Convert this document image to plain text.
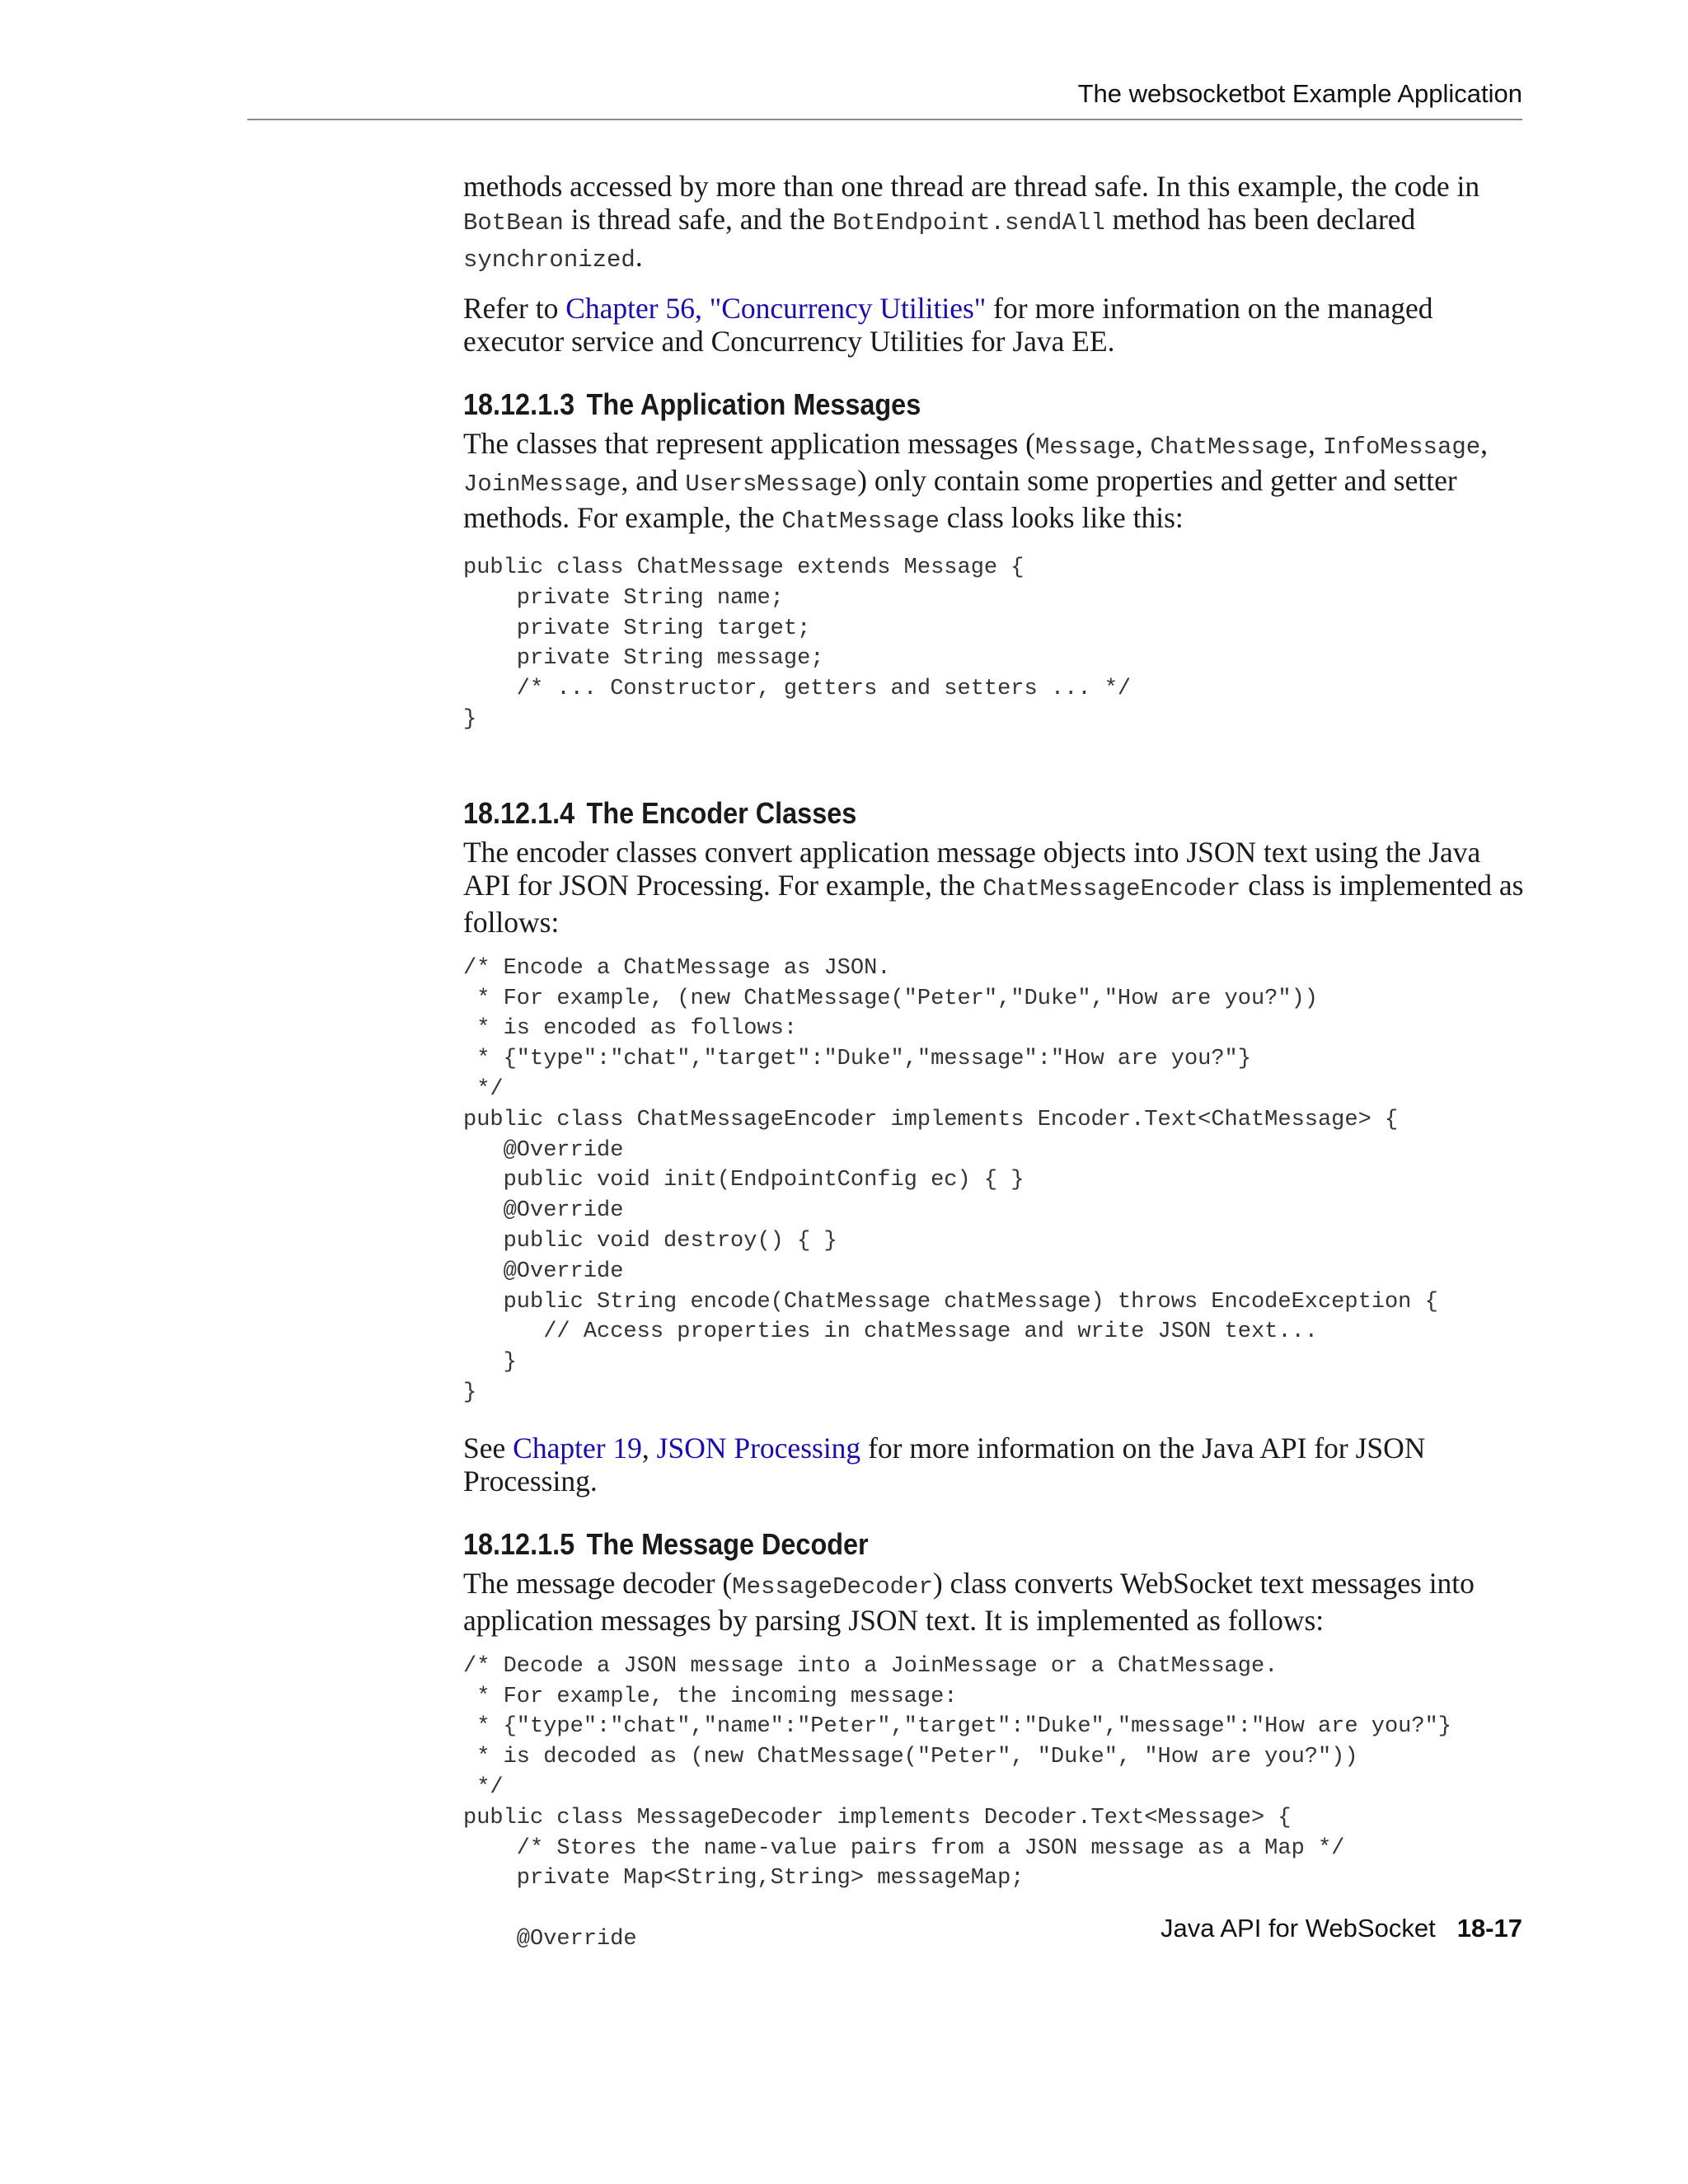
The websocketbot Example Application

methods accessed by more than one thread are thread safe. In this example, the code in BotBean is thread safe, and the BotEndpoint.sendAll method has been declared synchronized.

Refer to Chapter 56, "Concurrency Utilities" for more information on the managed executor service and Concurrency Utilities for Java EE.

18.12.1.3 The Application Messages

The classes that represent application messages (Message, ChatMessage, InfoMessage, JoinMessage, and UsersMessage) only contain some properties and getter and setter methods. For example, the ChatMessage class looks like this:

public class ChatMessage extends Message {
private String name;
private String target;
private String message;
/* ... Constructor, getters and setters ... */
}
18.12.1.4 The Encoder Classes

The encoder classes convert application message objects into JSON text using the Java API for JSON Processing. For example, the ChatMessageEncoder class is implemented as follows:

/* Encode a ChatMessage as JSON.
* For example, (new ChatMessage("Peter","Duke","How are you?"))
* is encoded as follows:
* {"type":"chat","target":"Duke","message":"How are you?"}
*/
public class ChatMessageEncoder implements Encoder.Text<ChatMessage> {
@Override
public void init(EndpointConfig ec) { }
@Override
public void destroy() { }
@Override
public String encode(ChatMessage chatMessage) throws EncodeException {
// Access properties in chatMessage and write JSON text...
}
}

See Chapter 19, JSON Processing for more information on the Java API for JSON Processing.

18.12.1.5 The Message Decoder

The message decoder (MessageDecoder) class converts WebSocket text messages into application messages by parsing JSON text. It is implemented as follows:

/* Decode a JSON message into a JoinMessage or a ChatMessage.
* For example, the incoming message:
* {"type":"chat","name":"Peter","target":"Duke","message":"How are you?"}
* is decoded as (new ChatMessage("Peter", "Duke", "How are you?"))
*/
public class MessageDecoder implements Decoder.Text<Message> {
/* Stores the name-value pairs from a JSON message as a Map */
private Map<String,String> messageMap;

@Override	Java API for WebSocket 18-17
